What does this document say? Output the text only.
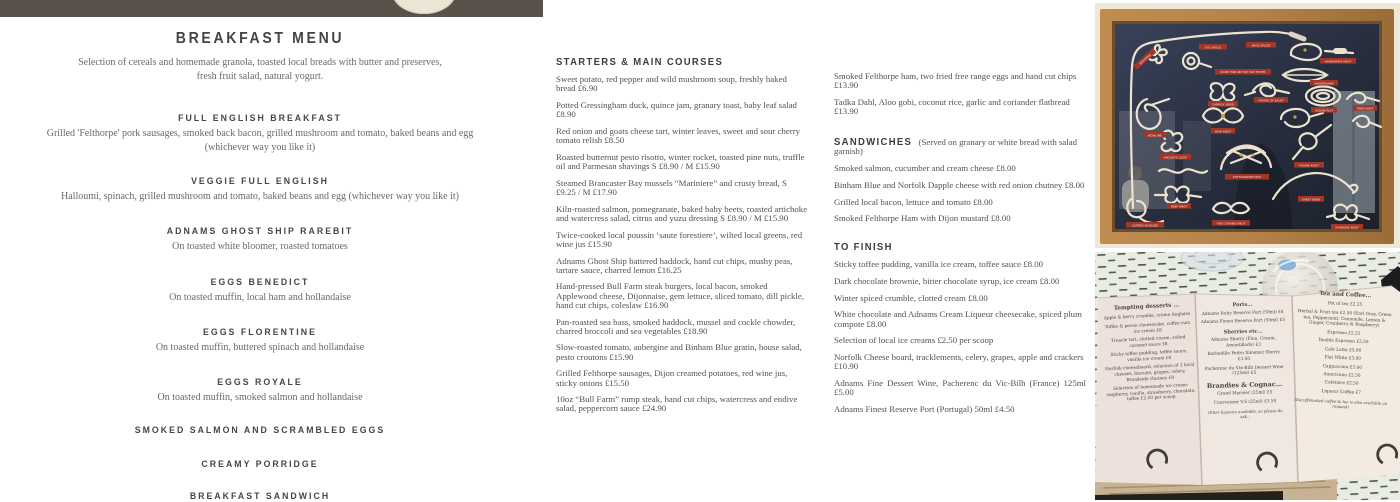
BREAKFAST MENU
Selection of cereals and homemade granola, toasted local breads with butter and preserves, fresh fruit salad, natural yogurt.
FULL ENGLISH BREAKFAST
Grilled 'Felthorpe' pork sausages, smoked back bacon, grilled mushroom and tomato, baked beans and egg (whichever way you like it)
VEGGIE FULL ENGLISH
Halloumi, spinach, grilled mushroom and tomato, baked beans and egg (whichever way you like it)
ADNAMS GHOST SHIP RAREBIT
On toasted white bloomer, roasted tomatoes
EGGS BENEDICT
On toasted muffin, local ham and hollandaise
EGGS FLORENTINE
On toasted muffin, buttered spinach and hollandaise
EGGS ROYALE
On toasted muffin, smoked salmon and hollandaise
SMOKED SALMON AND SCRAMBLED EGGS
CREAMY PORRIDGE
BREAKFAST SANDWICH
STARTERS & MAIN COURSES

Sweet potato, red pepper and wild mushroom soup, freshly baked bread £6.90

Potted Gressingham duck, quince jam, granary toast, baby leaf salad £8.90

Red onion and goats cheese tart, winter leaves, sweet and sour cherry tomato relish £8.50

Roasted butternut pesto risotto, winter rocket, toasted pine nuts, truffle oil and Parmesan shavings S £8.90 / M £15.90

Steamed Brancaster Bay mussels “Mariniere” and crusty bread, S £9.25 / M £17.90

Kiln-roasted salmon, pomegranate, baked baby beets, roasted artichoke and watercress salad, citrus and yuzu dressing S £8.90 / M £15.90

Twice-cooked local poussin ‘saute forestiere’, wilted local greens, red wine jus £15.90

Adnams Ghost Ship battered haddock, hand cut chips, mushy peas, tartare sauce, charred lemon £16.25

Hand-pressed Bull Farm steak burgers, local bacon, smoked Applewood cheese, Dijonnaise, gem lettuce, sliced tomato, dill pickle, hand cut chips, coleslaw £16.90

Pan-roasted sea bass, smoked haddock, mussel and cockle chowder, charred broccoli and sea vegetables £18.90

Slow-roasted tomato, aubergine and Binham Blue gratin, house salad, pesto croutons £15.90

Grilled Felthorpe sausages, Dijon creamed potatoes, red wine jus, sticky onions £15.50

10oz “Bull Farm” rump steak, hand cut chips, watercress and endive salad, peppercorn sauce £24.90

Smoked Felthorpe ham, two fried free range eggs and hand cut chips £13.90

Tadka Dahl, Aloo gobi, coconut rice, garlic and coriander flatbread £13.90

SANDWICHES (Served on granary or white bread with salad garnish)

Smoked salmon, cucumber and cream cheese £8.00

Binham Blue and Norfolk Dapple cheese with red onion chutney £8.00

Grilled local bacon, lettuce and tomato £8.00

Smoked Felthorpe Ham with Dijon mustard £8.00

TO FINISH

Sticky toffee pudding, vanilla ice cream, toffee sauce £8.00

Dark chocolate brownie, bitter chocolate syrup, ice cream £8.00

Winter spiced crumble, clotted cream £8.00

White chocolate and Adnams Cream Liqueur cheesecake, spiced plum compote £8.00

Selection of local ice creams £2.50 per scoop

Norfolk Cheese board, tracklements, celery, grapes, apple and crackers £10.90

Adnams Fine Dessert Wine, Pacherenc du Vic-Bilh (France) 125ml £5.00

Adnams Finest Reserve Port (Portugal) 50ml £4.50

EYE SPLICE	BACK SPLICE
HANGMAN'S KNOT
ROUND TURN AND TWO HALF HITCHES
SHEEPSHANK
CARRICK BEND
FIGURE OF EIGHT
OCEAN PLAT	THIEF KNOT
BOWLINE
BOW KNOT
ANGLER'S LOOP
FIGURE KNOT
STAFFORDSHIRE KNOT
SHEET BEND
REEF KNOT
TWO STRAND KNOT
SLIPPED BOWLINE	MANROPE KNOT
WHIPPING

Tempting desserts ...

Apple & berry crumble, crème Anglaise

Toffee & pecan cheesecake, coffee rum ice cream £8

Treacle tart, clotted cream, salted caramel sauce £8

Sticky toffee pudding, toffee sauce, vanilla ice cream £8

Norfolk cheeseboard, selection of 3 local cheeses, biscuits, grapes, celery, Broadside chutney £8

Selection of homemade ice cream: raspberry, vanilla, strawberry, chocolate, toffee £2.50 per scoop

Ports...

Adnams Ruby Reserve Port (50ml) £4

Adnams Finest Reserve Port (50ml) £5

Sherries etc...

Adnams Sherry (Fino, Cream, Amontillado) £3

Barbadillo Pedro Ximenez Sherry £3.50

Pacherenc du Vin-Bilh Dessert Wine (125ml) £5

Brandies & Cognac...

Grand Marnier (25ml) £5

Courvoisier V.S (25ml) £3.50

Other liqueurs available, so please do ask...

Tea and Coffee...

Pot of tea £2.25

Herbal & Fruit tea £2.50 (Earl Grey, Green tea, Peppermint, Camomile, Lemon & Ginger, Cranberry & Raspberry)

Espresso £2.25

Double Espresso £2.50

Cafe Latte £3.00

Flat White £3.00

Cappuccino £3.00

Americano £2.50

Cafetiere £2.50

Liqueur Coffee £7

(Decaffeinated coffee & tea is also available on request)
